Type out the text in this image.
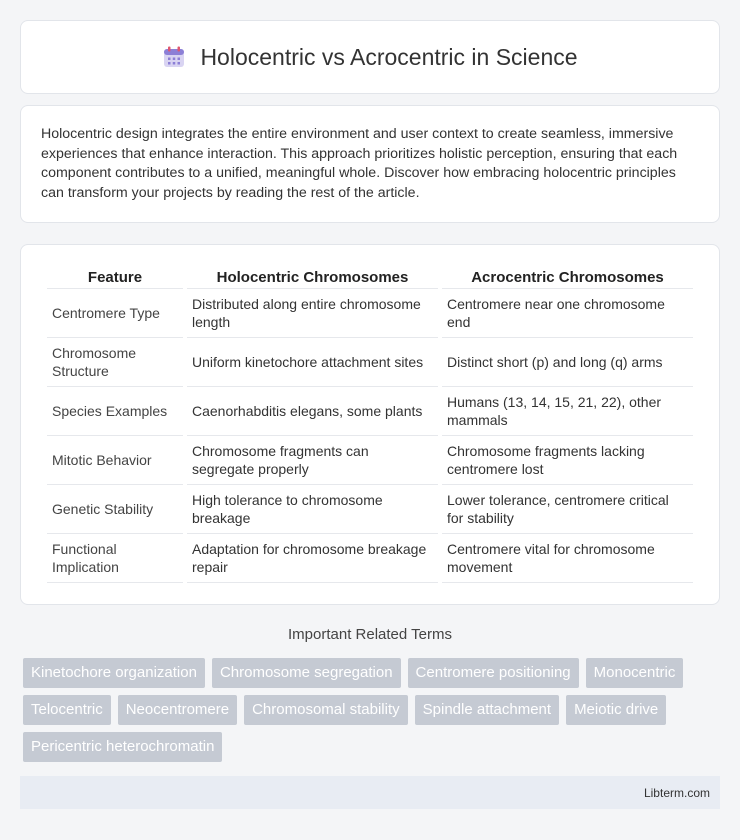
Holocentric vs Acrocentric in Science

Holocentric design integrates the entire environment and user context to create seamless, immersive experiences that enhance interaction. This approach prioritizes holistic perception, ensuring that each component contributes to a unified, meaningful whole. Discover how embracing holocentric principles can transform your projects by reading the rest of the article.

Feature	Holocentric Chromosomes	Acrocentric Chromosomes
Centromere Type	Distributed along entire chromosome length	Centromere near one chromosome end
Chromosome Structure	Uniform kinetochore attachment sites	Distinct short (p) and long (q) arms
Species Examples	Caenorhabditis elegans, some plants	Humans (13, 14, 15, 21, 22), other mammals
Mitotic Behavior	Chromosome fragments can segregate properly	Chromosome fragments lacking centromere lost
Genetic Stability	High tolerance to chromosome breakage	Lower tolerance, centromere critical for stability
Functional Implication	Adaptation for chromosome breakage repair	Centromere vital for chromosome movement
Important Related Terms
Kinetochore organization	Chromosome segregation	Centromere positioning	Monocentric
Telocentric	Neocentromere	Chromosomal stability	Spindle attachment	Meiotic drive
Pericentric heterochromatin
Libterm.com
